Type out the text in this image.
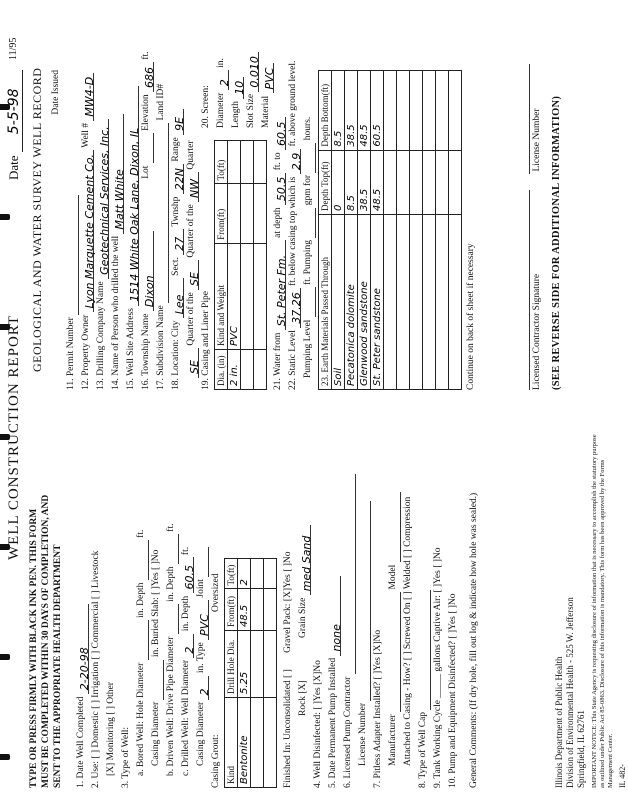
WELL CONSTRUCTION REPORT
Date 5-5-98
11/95
TYPE OR PRESS FIRMLY WITH BLACK INK PEN. THIS FORM MUST BE COMPLETED WITHIN 30 DAYS OF COMPLETION, AND SENT TO THE APPROPRIATE HEALTH DEPARTMENT 1. Date Well Completed 2-20-98 2. Use: [ ] Domestic [ ] Irrigation [ ] Commercial [ ] Livestock [X] Monitoring [ ] Other 3. Type of Well: a. Bored Well: Hole Diameter  in. Depth  ft.
Casing Diameter  in. Buried Slab: [ ]Yes [ ]No
b. Driven Well: Drive Pipe Diameter  in. Depth  ft.
c. Drilled Well: Well Diameter 2 in. Depth 60.5 ft.
Casing Diameter 2 in. Type PVC Joint
Casing Grout: Oversized
Kind	Drill Hole Dia.	From(ft)	To(ft)
Bentonite	5.25	48.5	2

Finished In: Unconsolidated [ ] Gravel Pack: [X]Yes [ ]No
Rock [X] Grain Size med Sand
4. Well Disinfected: [ ]Yes [X]No 5. Date Permanent Pump Installed none
6. Licensed Pump Contractor License Number 7. Pitless Adapter Installed? [ ]Yes [X]No Manufacturer  Model Attached to Casing - How? [ ] Screwed On [ ] Welded [ ] Compression 8. Type of Well Cap 9. Tank Working Cycle _____ gallons Captive Air: [ ]Yes [ ]No 10. Pump and Equipment Disinfected? [ ]Yes [ ]No	General Comments: (If dry hole, fill out log & indicate how hole was sealed.)	Illinois Department of Public Health Division of Environmental Health - 525 W. Jefferson Springfield, IL 62761 IMPORTANT NOTICE: This State Agency is requesting disclosure of information that is necessary to accomplish the statutory purpose as outlined under Public Act 85-0863. Disclosure of this information is mandatory. This form has been approved by the Forms Management Center. IL 482-
GEOLOGICAL AND WATER SURVEY WELL RECORD Date Issued
11. Permit Number 12. Property Owner Lyon Marquette Cement Co. Well # MW4-D
13. Drilling Company Name Geotechnical Services, Inc.
14. Name of Person who drilled the well Matt White
15. Well Site Address 1514 White Oak Lane, Dixon, IL
16. Township Name Dixon Lot  Elevation 686 ft.
17. Subdivision Name  Land ID#
18. Location: City Lee Sect. 27 Twnshp 22N Range 9E
SE Quarter of the SE Quarter of the NW Quarter
19. Casing and Liner Pipe Dia. (in)	Kind and Weight	From(ft)	To(ft)
2 in.	PVC		

20. Screen: Diameter 2 in.
Length 10
Slot Size 0.010
Material PVC
21. Water from St. Peter Fm. at depth 50.5 ft. to 60.5
22. Static Level 37.26 ft. below casing top which is 2.9 ft. above ground level.
Pumping Level  ft. Pumping  gpm for  hours.
23. Earth Materials Passed Through	Depth Top(ft)	Depth Bottom(ft)
Soil	0	8.5
Pecatonica dolomite	8.5	38.5
Glenwood sandstone	38.5	48.5
St. Peter sandstone	48.5	60.5

Continue on back of sheet if necessary
	Licensed Contractor Signature License Number (SEE REVERSE SIDE FOR ADDITIONAL INFORMATION)
